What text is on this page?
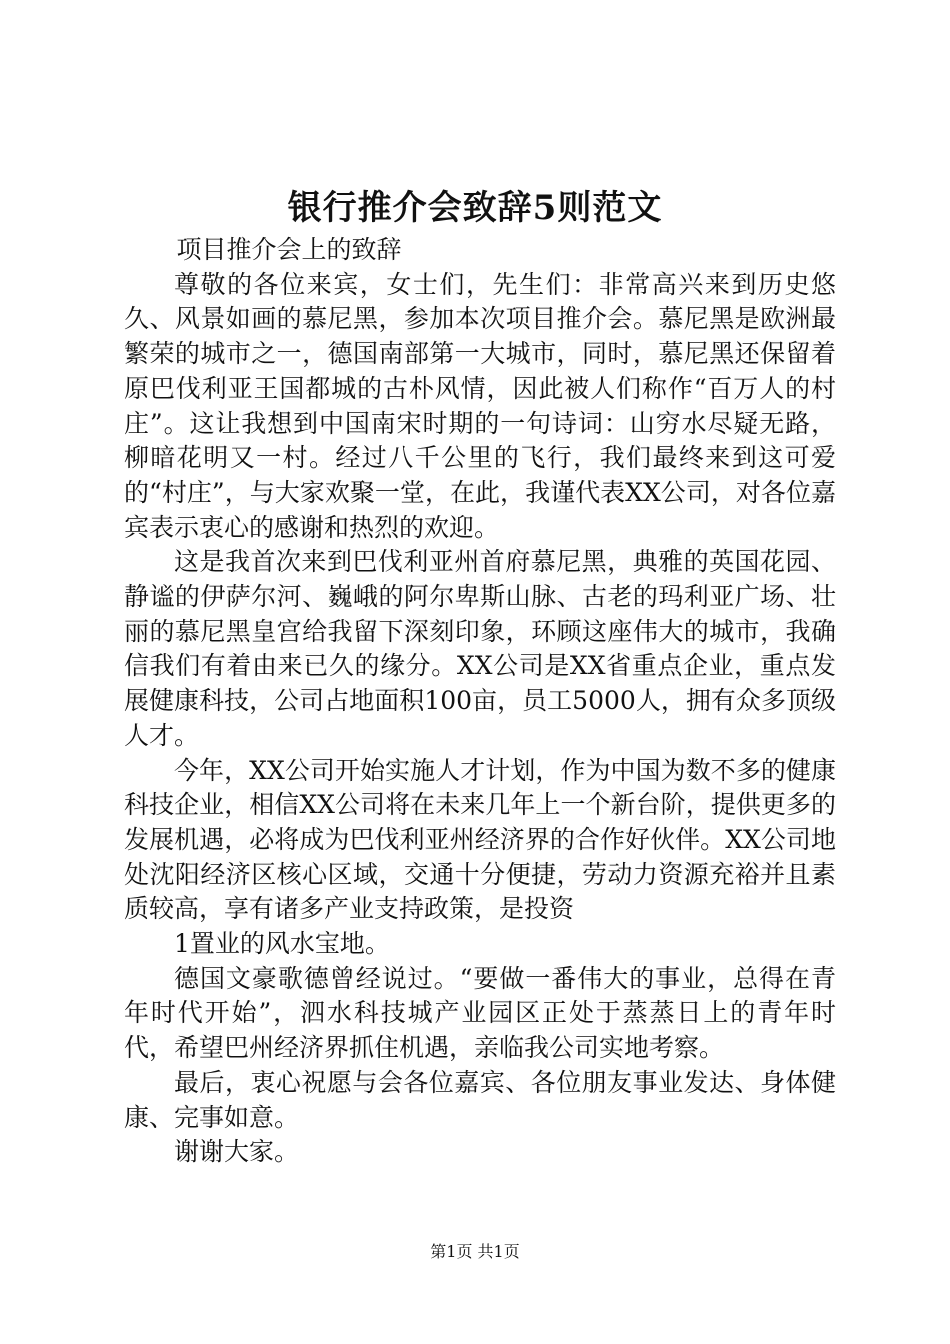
银行推介会致辞5则范文

项目推介会上的致辞

尊敬的各位来宾，女士们，先生们：非常高兴来到历史悠久、风景如画的慕尼黑，参加本次项目推介会。慕尼黑是欧洲最繁荣的城市之一，德国南部第一大城市，同时，慕尼黑还保留着原巴伐利亚王国都城的古朴风情，因此被人们称作“百万人的村庄”。这让我想到中国南宋时期的一句诗词：山穷水尽疑无路，柳暗花明又一村。经过八千公里的飞行，我们最终来到这可爱的“村庄”，与大家欢聚一堂，在此，我谨代表XX公司，对各位嘉宾表示衷心的感谢和热烈的欢迎。

这是我首次来到巴伐利亚州首府慕尼黑，典雅的英国花园、静谧的伊萨尔河、巍峨的阿尔卑斯山脉、古老的玛利亚广场、壮丽的慕尼黑皇宫给我留下深刻印象，环顾这座伟大的城市，我确信我们有着由来已久的缘分。XX公司是XX省重点企业，重点发展健康科技，公司占地面积100亩，员工5000人，拥有众多顶级人才。

今年，XX公司开始实施人才计划，作为中国为数不多的健康科技企业，相信XX公司将在未来几年上一个新台阶，提供更多的发展机遇，必将成为巴伐利亚州经济界的合作好伙伴。XX公司地处沈阳经济区核心区域，交通十分便捷，劳动力资源充裕并且素质较高，享有诸多产业支持政策，是投资

1置业的风水宝地。

德国文豪歌德曾经说过。“要做一番伟大的事业，总得在青年时代开始”，泗水科技城产业园区正处于蒸蒸日上的青年时代，希望巴州经济界抓住机遇，亲临我公司实地考察。

最后，衷心祝愿与会各位嘉宾、各位朋友事业发达、身体健康、完事如意。

谢谢大家。

第1页 共1页
